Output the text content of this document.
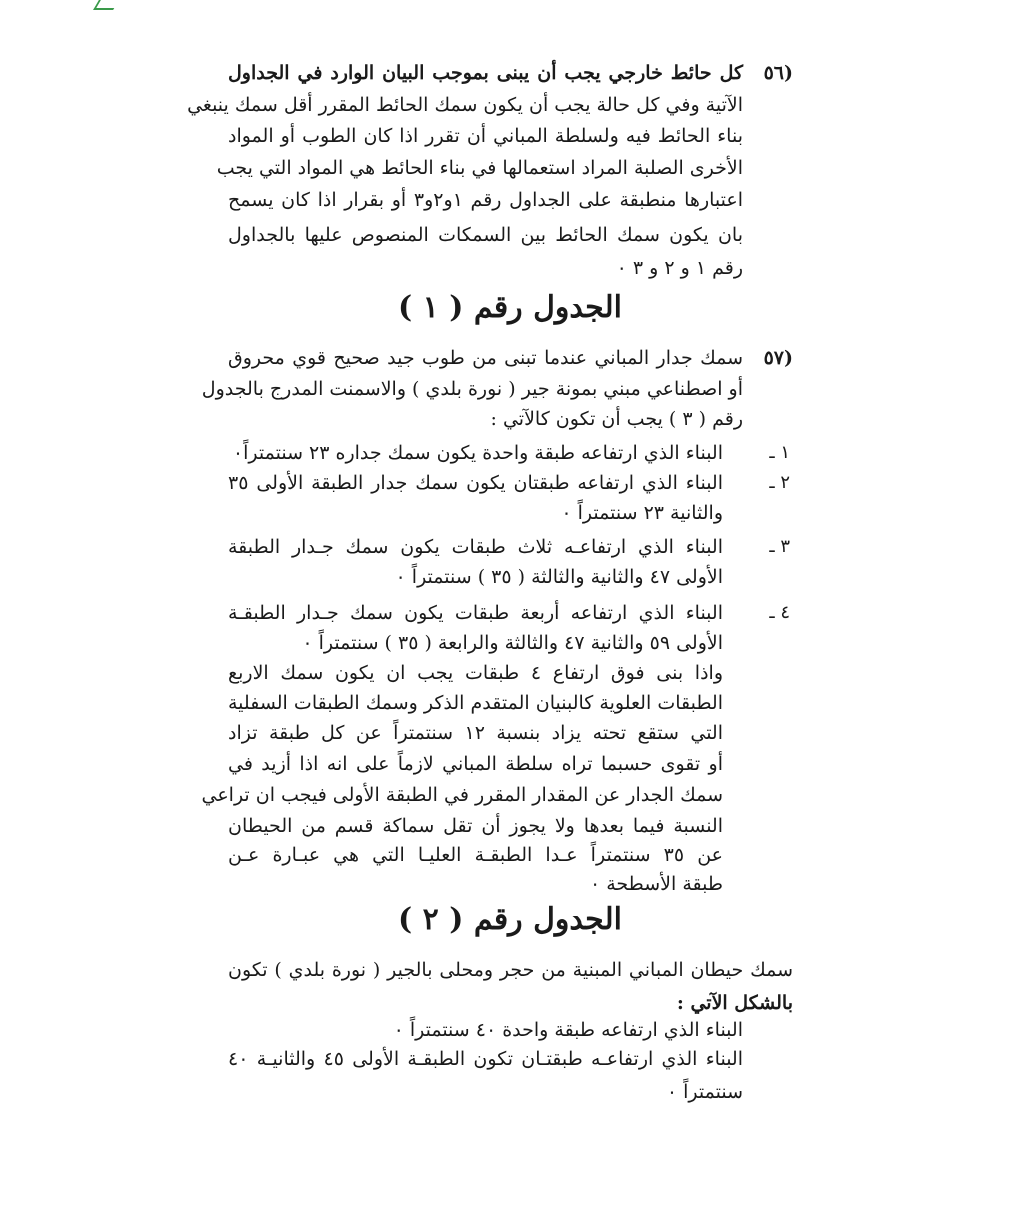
(٥٦
كل حائط خارجي يجب أن يبنى بموجب البيان الوارد في الجداول
الآتية وفي كل حالة يجب أن يكون سمك الحائط المقرر أقل سمك ينبغي
بناء الحائط فيه ولسلطة المباني أن تقرر اذا كان الطوب أو المواد
الأخرى الصلبة المراد استعمالها في بناء الحائط هي المواد التي يجب
اعتبارها منطبقة على الجداول رقم ١و٢و٣ أو بقرار اذا كان يسمح
بان يكون سمك الحائط بين السمكات المنصوص عليها بالجداول
رقم ١ و ٢ و ٣ ٠
الجدول رقم ( ١ )
(٥٧
سمك جدار المباني عندما تبنى من طوب جيد صحيح قوي محروق
أو اصطناعي مبني بمونة جير ( نورة بلدي ) والاسمنت المدرج بالجدول
رقم ( ٣ ) يجب أن تكون كالآتي :
١ ـ
البناء الذي ارتفاعه طبقة واحدة يكون سمك جداره ٢٣ سنتمتراً٠
٢ ـ
البناء الذي ارتفاعه طبقتان يكون سمك جدار الطبقة الأولى ٣٥
والثانية ٢٣ سنتمتراً ٠
٣ ـ
البناء الذي ارتفاعـه ثلاث طبقات يكون سمك جـدار الطبقة
الأولى ٤٧ والثانية والثالثة ( ٣٥ ) سنتمتراً ٠
٤ ـ
البناء الذي ارتفاعه أربعة طبقات يكون سمك جـدار الطبقـة
الأولى ٥٩ والثانية ٤٧ والثالثة والرابعة ( ٣٥ ) سنتمتراً ٠
واذا بنى فوق ارتفاع ٤ طبقات يجب ان يكون سمك الاربع
الطبقات العلوية كالبنيان المتقدم الذكر وسمك الطبقات السفلية
التي ستقع تحته يزاد بنسبة ١٢ سنتمتراً عن كل طبقة تزاد
أو تقوى حسبما تراه سلطة المباني لازماً على انه اذا أزيد في
سمك الجدار عن المقدار المقرر في الطبقة الأولى فيجب ان تراعي
النسبة فيما بعدها ولا يجوز أن تقل سماكة قسم من الحيطان
عن ٣٥ سنتمتراً عـدا الطبقـة العليـا التي هي عبـارة عـن
طبقة الأسطحة ٠
الجدول رقم ( ٢ )
سمك حيطان المباني المبنية من حجر ومحلى بالجير ( نورة بلدي ) تكون
بالشكل الآتي :
البناء الذي ارتفاعه طبقة واحدة ٤٠ سنتمتراً ٠
البناء الذي ارتفاعـه طبقتـان تكون الطبقـة الأولى ٤٥ والثانيـة ٤٠
سنتمتراً ٠
